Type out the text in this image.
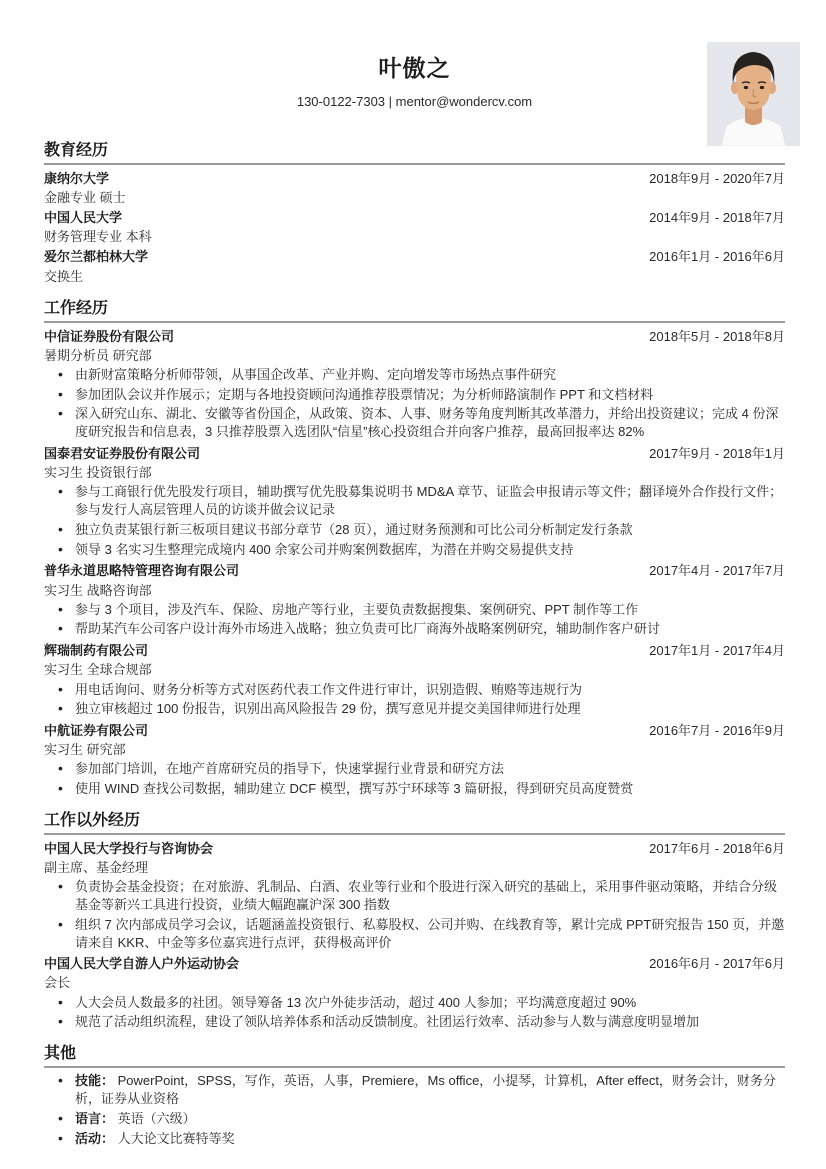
叶傲之
130-0122-7303 | mentor@wondercv.com
教育经历
康纳尔大学	2018年9月 - 2020年7月
金融专业 硕士
中国人民大学	2014年9月 - 2018年7月
财务管理专业 本科
爱尔兰都柏林大学	2016年1月 - 2016年6月
交换生
工作经历
中信证券股份有限公司	2018年5月 - 2018年8月
暑期分析员 研究部
• 由新财富策略分析师带领，从事国企改革、产业并购、定向增发等市场热点事件研究
• 参加团队会议并作展示；定期与各地投资顾问沟通推荐股票情况；为分析师路演制作 PPT 和文档材料
• 深入研究山东、湖北、安徽等省份国企，从政策、资本、人事、财务等角度判断其改革潜力，并给出投资建议；完成 4 份深度研究报告和信息表，3 只推荐股票入选团队“信星”核心投资组合并向客户推荐，最高回报率达 82%
国泰君安证券股份有限公司	2017年9月 - 2018年1月
实习生 投资银行部
• 参与工商银行优先股发行项目，辅助撰写优先股募集说明书 MD&A 章节、证监会申报请示等文件；翻译境外合作投行文件；参与发行人高层管理人员的访谈并做会议记录
• 独立负责某银行新三板项目建议书部分章节（28 页），通过财务预测和可比公司分析制定发行条款
• 领导 3 名实习生整理完成境内 400 余家公司并购案例数据库，为潜在并购交易提供支持
普华永道思略特管理咨询有限公司	2017年4月 - 2017年7月
实习生 战略咨询部
• 参与 3 个项目，涉及汽车、保险、房地产等行业，主要负责数据搜集、案例研究、PPT 制作等工作
• 帮助某汽车公司客户设计海外市场进入战略；独立负责可比厂商海外战略案例研究，辅助制作客户研讨
辉瑞制药有限公司	2017年1月 - 2017年4月
实习生 全球合规部
• 用电话询问、财务分析等方式对医药代表工作文件进行审计，识别造假、贿赂等违规行为
• 独立审核超过 100 份报告，识别出高风险报告 29 份，撰写意见并提交美国律师进行处理
中航证券有限公司	2016年7月 - 2016年9月
实习生 研究部
• 参加部门培训，在地产首席研究员的指导下，快速掌握行业背景和研究方法
• 使用 WIND 查找公司数据，辅助建立 DCF 模型，撰写苏宁环球等 3 篇研报，得到研究员高度赞赏
工作以外经历
中国人民大学投行与咨询协会	2017年6月 - 2018年6月
副主席、基金经理
• 负责协会基金投资；在对旅游、乳制品、白酒、农业等行业和个股进行深入研究的基础上，采用事件驱动策略，并结合分级基金等新兴工具进行投资，业绩大幅跑赢沪深 300 指数
• 组织 7 次内部成员学习会议，话题涵盖投资银行、私募股权、公司并购、在线教育等，累计完成 PPT研究报告 150 页，并邀请来自 KKR、中金等多位嘉宾进行点评，获得极高评价
中国人民大学自游人户外运动协会	2016年6月 - 2017年6月
会长
• 人大会员人数最多的社团。领导筹备 13 次户外徒步活动，超过 400 人参加；平均满意度超过 90%
• 规范了活动组织流程，建设了领队培养体系和活动反馈制度。社团运行效率、活动参与人数与满意度明显增加
其他
• 技能： PowerPoint，SPSS，写作，英语，人事，Premiere，Ms office，小提琴，计算机，After effect，财务会计，财务分析，证券从业资格
• 语言： 英语（六级）
• 活动： 人大论文比赛特等奖
